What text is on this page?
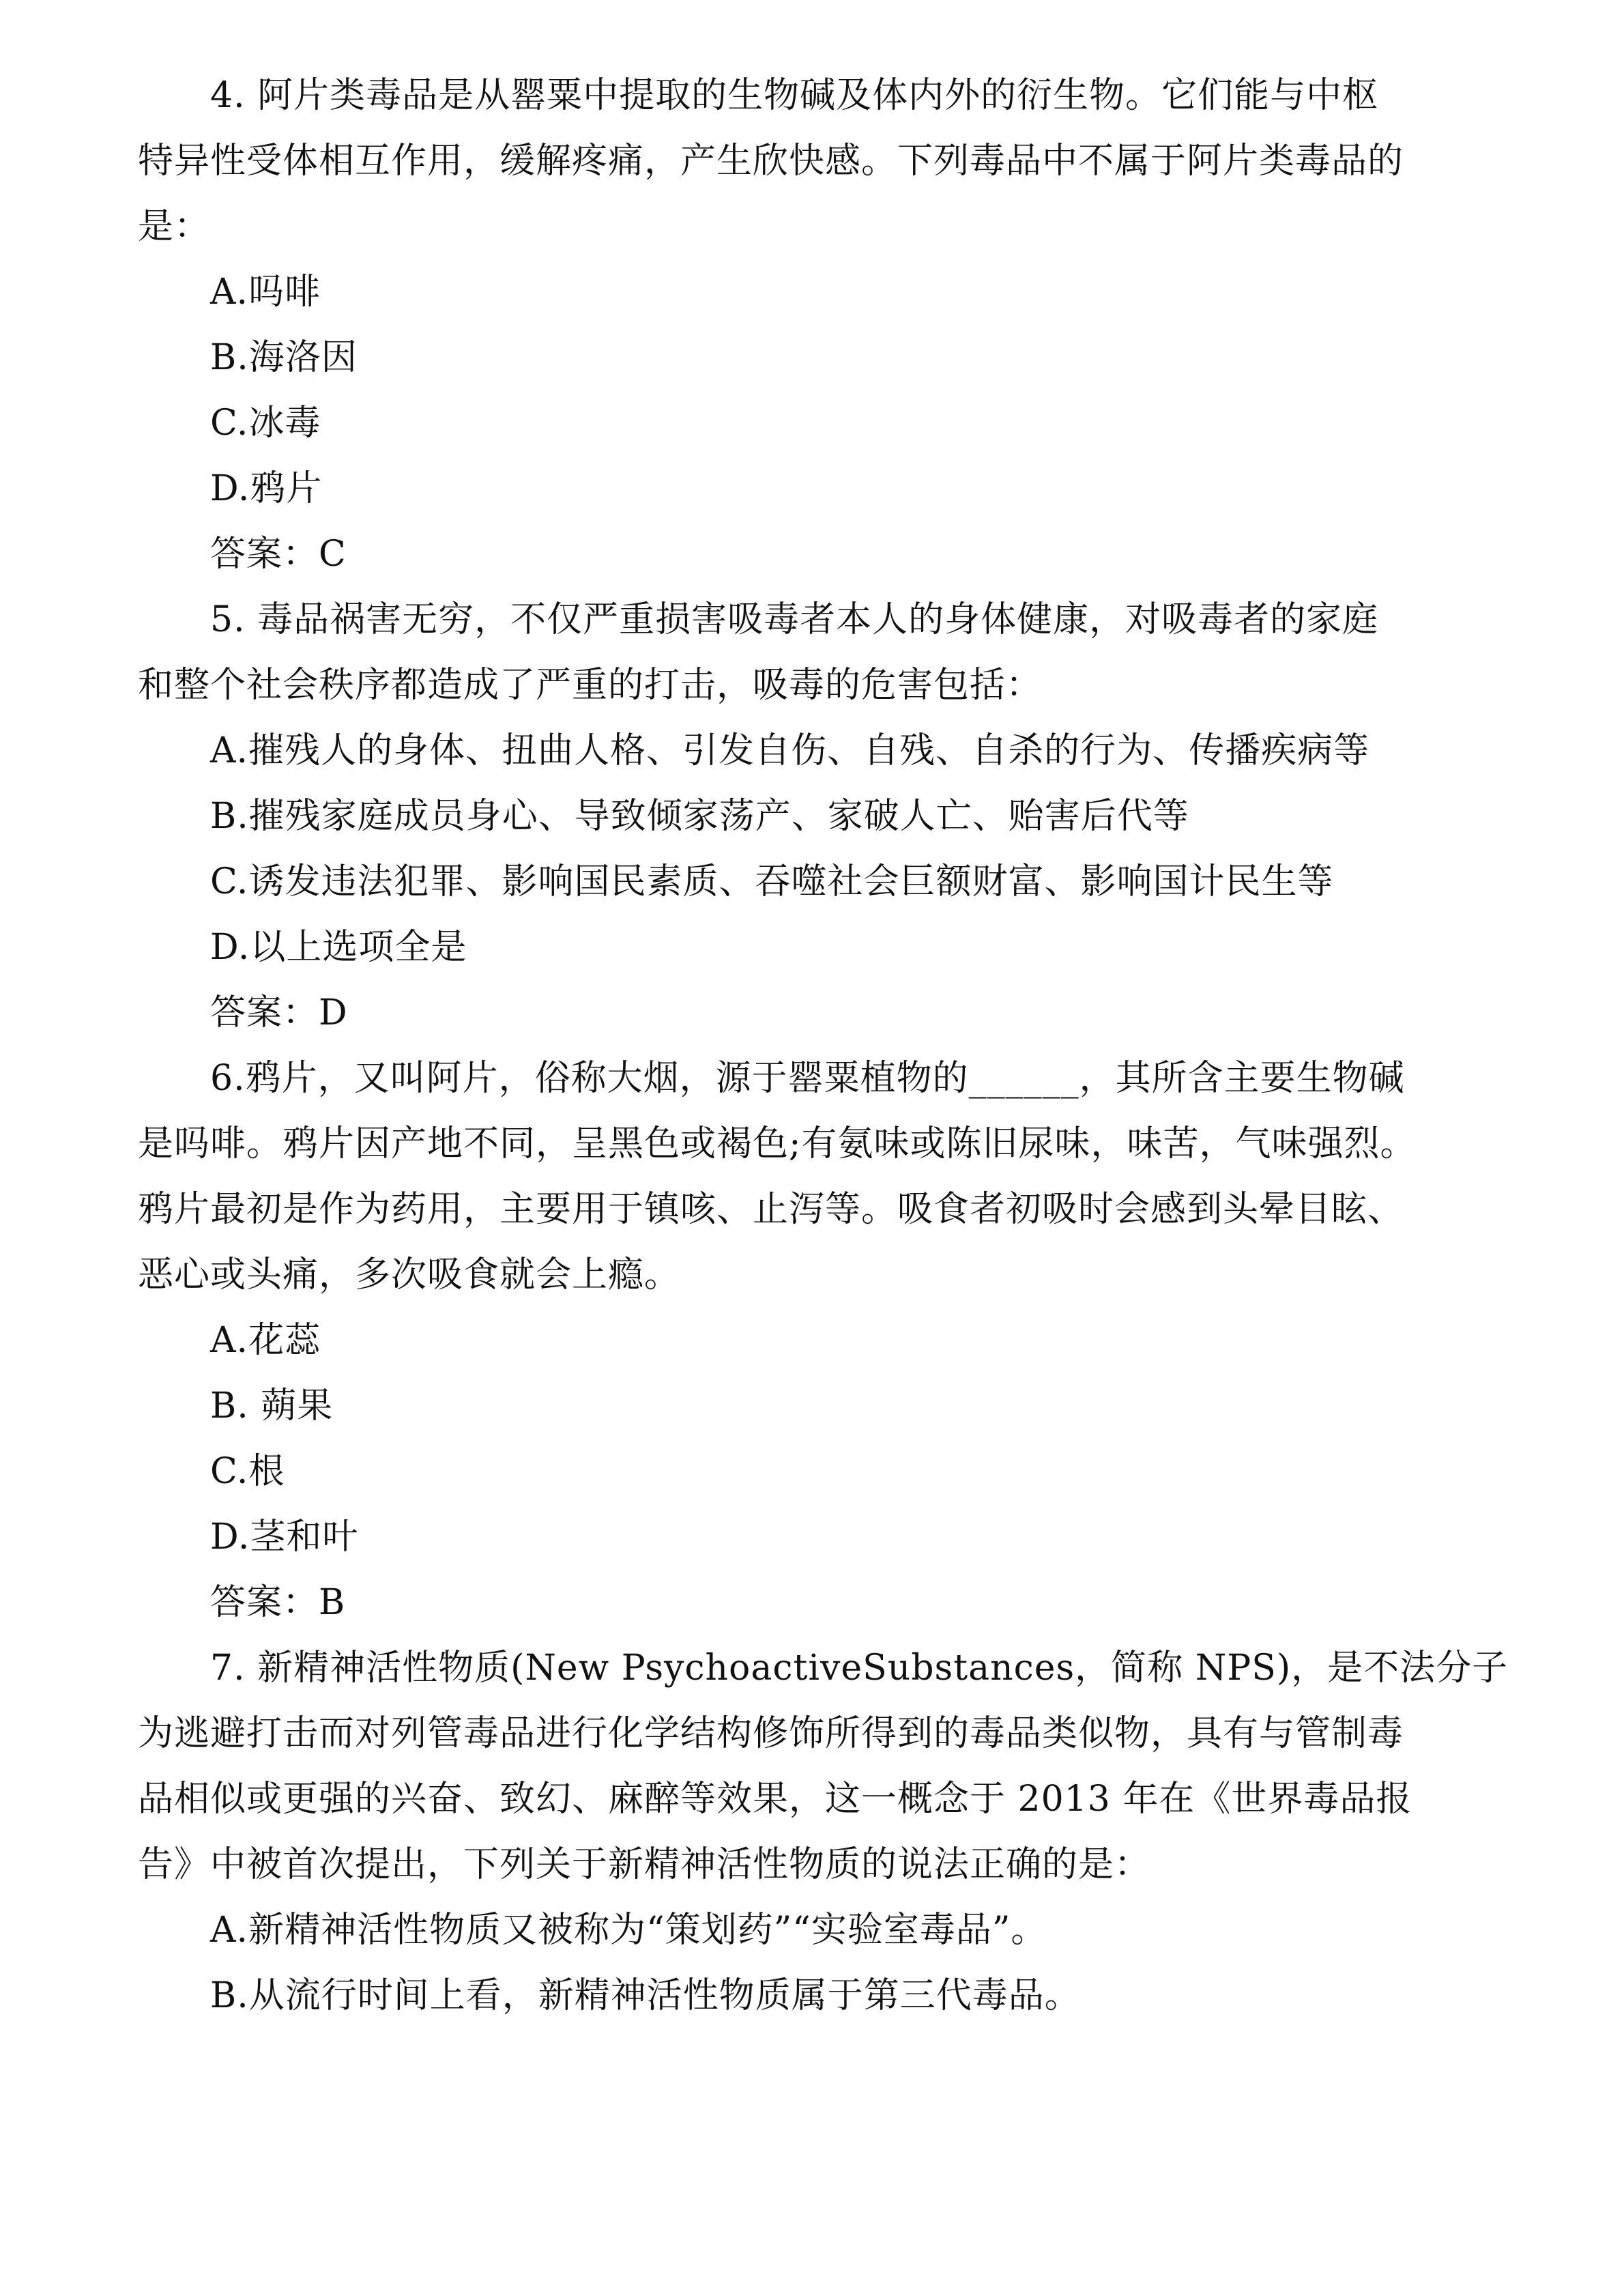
4. 阿片类毒品是从罂粟中提取的生物碱及体内外的衍生物。它们能与中枢
特异性受体相互作用，缓解疼痛，产生欣快感。下列毒品中不属于阿片类毒品的
是：
A.吗啡
B.海洛因
C.冰毒
D.鸦片
答案：C
5. 毒品祸害无穷，不仅严重损害吸毒者本人的身体健康，对吸毒者的家庭
和整个社会秩序都造成了严重的打击，吸毒的危害包括：
A.摧残人的身体、扭曲人格、引发自伤、自残、自杀的行为、传播疾病等
B.摧残家庭成员身心、导致倾家荡产、家破人亡、贻害后代等
C.诱发违法犯罪、影响国民素质、吞噬社会巨额财富、影响国计民生等
D.以上选项全是
答案：D
6.鸦片，又叫阿片，俗称大烟，源于罂粟植物的______，其所含主要生物碱
是吗啡。鸦片因产地不同，呈黑色或褐色;有氨味或陈旧尿味，味苦，气味强烈。
鸦片最初是作为药用，主要用于镇咳、止泻等。吸食者初吸时会感到头晕目眩、
恶心或头痛，多次吸食就会上瘾。
A.花蕊
B. 蒴果
C.根
D.茎和叶
答案：B
7. 新精神活性物质(New PsychoactiveSubstances，简称 NPS)，是不法分子
为逃避打击而对列管毒品进行化学结构修饰所得到的毒品类似物，具有与管制毒
品相似或更强的兴奋、致幻、麻醉等效果，这一概念于 2013 年在《世界毒品报
告》中被首次提出，下列关于新精神活性物质的说法正确的是：
A.新精神活性物质又被称为“策划药”“实验室毒品”。
B.从流行时间上看，新精神活性物质属于第三代毒品。
